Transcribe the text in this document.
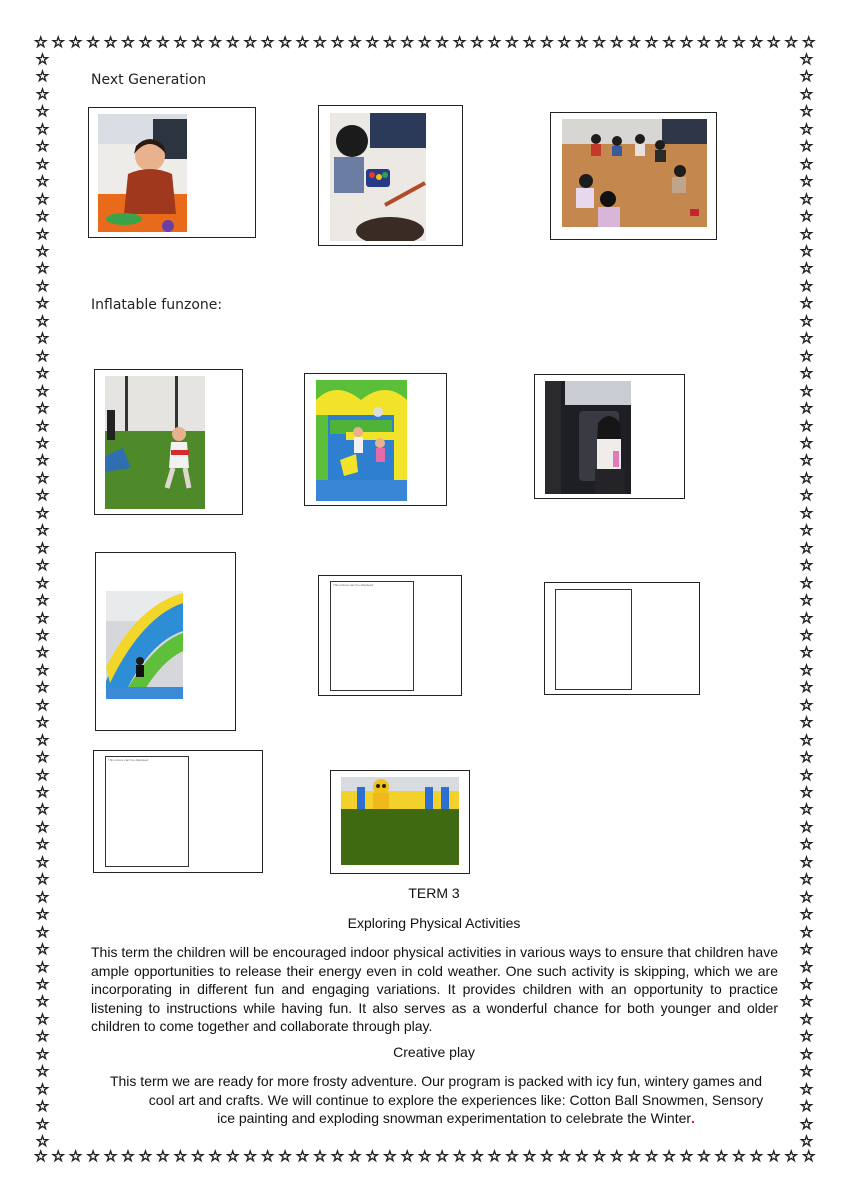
☆ ☆ ☆ ☆ ☆ ☆ ☆ ☆ ☆ ☆ ☆ ☆ ☆ ☆ ☆ ☆ ☆ ☆ ☆ ☆ ☆ ☆ ☆ ☆ ☆ ☆ ☆ ☆ ☆ ☆ ☆ ☆ ☆ ☆ ☆ ☆ ☆ ☆ ☆ ☆ ☆ ☆ ☆ ☆ ☆
☆ ☆ ☆ ☆ ☆ ☆ ☆ ☆ ☆ ☆ ☆ ☆ ☆ ☆ ☆ ☆ ☆ ☆ ☆ ☆ ☆ ☆ ☆ ☆ ☆ ☆ ☆ ☆ ☆ ☆ ☆ ☆ ☆ ☆ ☆ ☆ ☆ ☆ ☆ ☆ ☆ ☆ ☆ ☆ ☆
☆
☆
☆
☆
☆
☆
☆
☆
☆
☆
☆
☆
☆
☆
☆
☆
☆
☆
☆
☆
☆
☆
☆
☆
☆
☆
☆
☆
☆
☆
☆
☆
☆
☆
☆
☆
☆
☆
☆
☆
☆
☆
☆
☆
☆
☆
☆
☆
☆
☆
☆
☆
☆
☆
☆
☆
☆
☆
☆
☆
☆
☆
☆
☆
☆
☆
☆
☆
☆
☆
☆
☆
☆
☆
☆
☆
☆
☆
☆
☆
☆
☆
☆
☆
☆
☆
☆
☆
☆
☆
☆
☆
☆
☆
☆
☆
☆
☆
☆
☆
☆
☆
☆
☆
☆
☆
☆
☆
☆
☆
☆
☆
☆
☆
☆
☆
☆
☆
☆
☆
☆
☆
☆
☆
☆
☆
Next Generation
Inflatable funzone:
This picture can't be displayed
This picture can't be displayed
TERM 3
Exploring Physical Activities
This term the children will be encouraged indoor physical activities in various ways to ensure that children have ample opportunities to release their energy even in cold weather. One such activity is skipping, which we are incorporating in different fun and engaging variations. It provides children with an opportunity to practice listening to instructions while having fun. It also serves as a wonderful chance for both younger and older children to come together and collaborate through play.
Creative play
This term we are ready for more frosty adventure. Our program is packed with icy fun, wintery games and
cool art and crafts. We will continue to explore the experiences like: Cotton Ball Snowmen, Sensory
ice painting and exploding snowman experimentation to celebrate the Winter.
